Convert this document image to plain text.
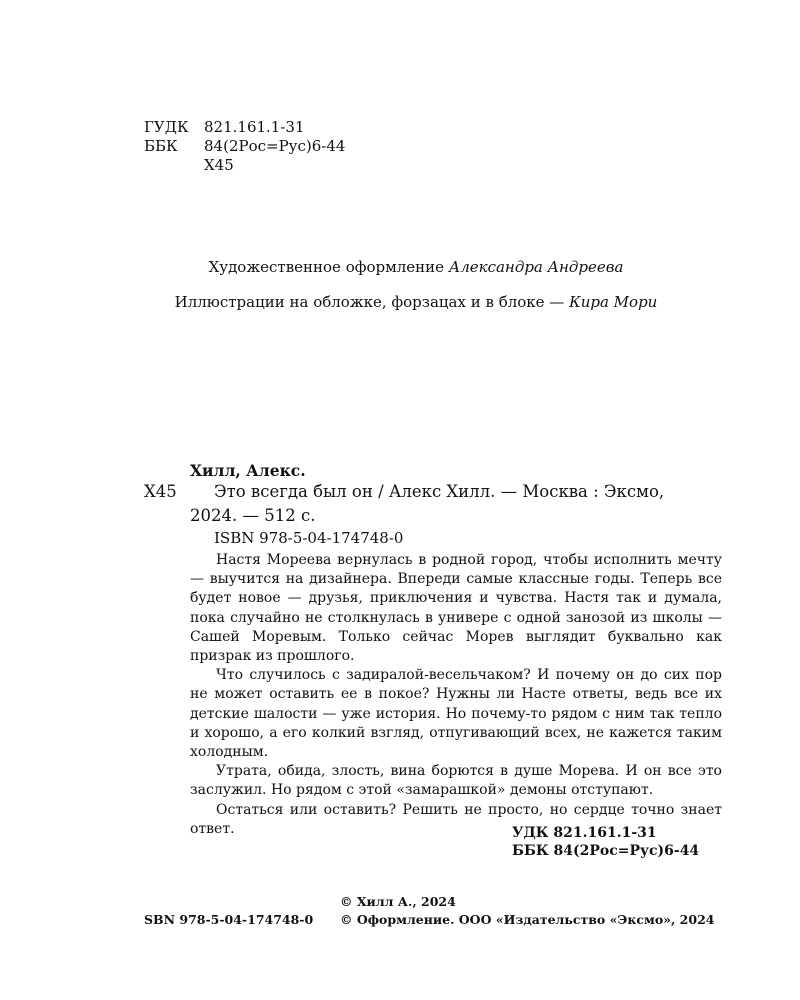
ГУДК 821.161.1-31
ББК 84(2Рос=Рус)6-44
Х45
Художественное оформление Александра Андреева
Иллюстрации на обложке, форзацах и в блоке — Кира Мори
Хилл, Алекс.
Х45 Это всегда был он / Алекс Хилл. — Москва : Эксмо,
2024. — 512 с.
ISBN 978-5-04-174748-0

Настя Мореева вернулась в родной город, чтобы исполнить мечту — выучится на дизайнера. Впереди самые классные годы. Теперь все будет новое — друзья, приключения и чувства. Настя так и думала, пока случайно не столкнулась в универе с одной занозой из школы — Сашей Моревым. Только сейчас Морев выглядит буквально как призрак из прошлого.

Что случилось с задиралой-весельчаком? И почему он до сих пор не может оставить ее в покое? Нужны ли Насте ответы, ведь все их детские шалости — уже история. Но почему-то рядом с ним так тепло и хорошо, а его колкий взгляд, отпугивающий всех, не кажется таким холодным.

Утрата, обида, злость, вина борются в душе Морева. И он все это заслужил. Но рядом с этой «замарашкой» демоны отступают.

Остаться или оставить? Решить не просто, но сердце точно знает ответ.	УДК 821.161.1-31
ББК 84(2Рос=Рус)6-44
© Хилл А., 2024
SBN 978-5-04-174748-0 © Оформление. ООО «Издательство «Эксмо», 2024
